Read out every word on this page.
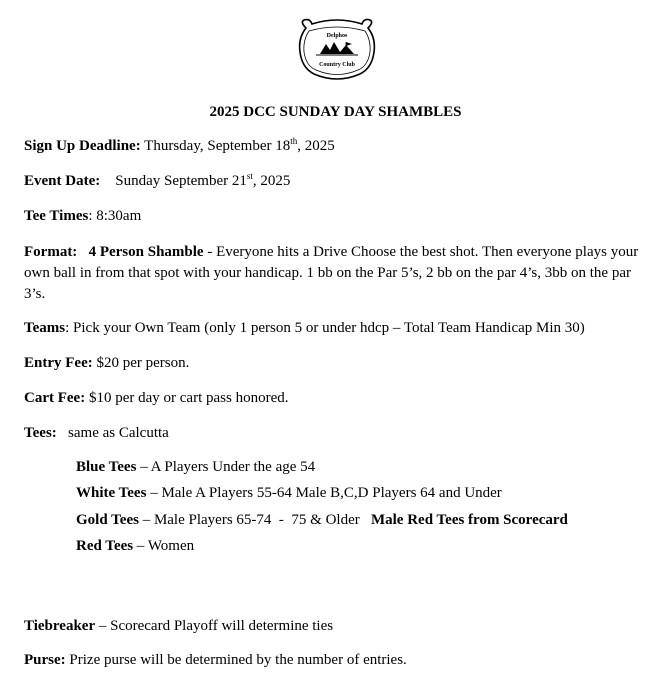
Delphos
Country Club
2025 DCC SUNDAY DAY SHAMBLES
Sign Up Deadline: Thursday, September 18th, 2025
Event Date:    Sunday September 21st, 2025
Tee Times: 8:30am
Format:   4 Person Shamble - Everyone hits a Drive Choose the best shot. Then everyone plays your own ball in from that spot with your handicap. 1 bb on the Par 5’s, 2 bb on the par 4’s, 3bb on the par 3’s.
Teams: Pick your Own Team (only 1 person 5 or under hdcp – Total Team Handicap Min 30)
Entry Fee: $20 per person.
Cart Fee: $10 per day or cart pass honored.
Tees:   same as Calcutta
Blue Tees – A Players Under the age 54
White Tees – Male A Players 55-64 Male B,C,D Players 64 and Under
Gold Tees – Male Players 65-74  -  75 & Older   Male Red Tees from Scorecard
Red Tees – Women
Tiebreaker – Scorecard Playoff will determine ties
Purse: Prize purse will be determined by the number of entries.
